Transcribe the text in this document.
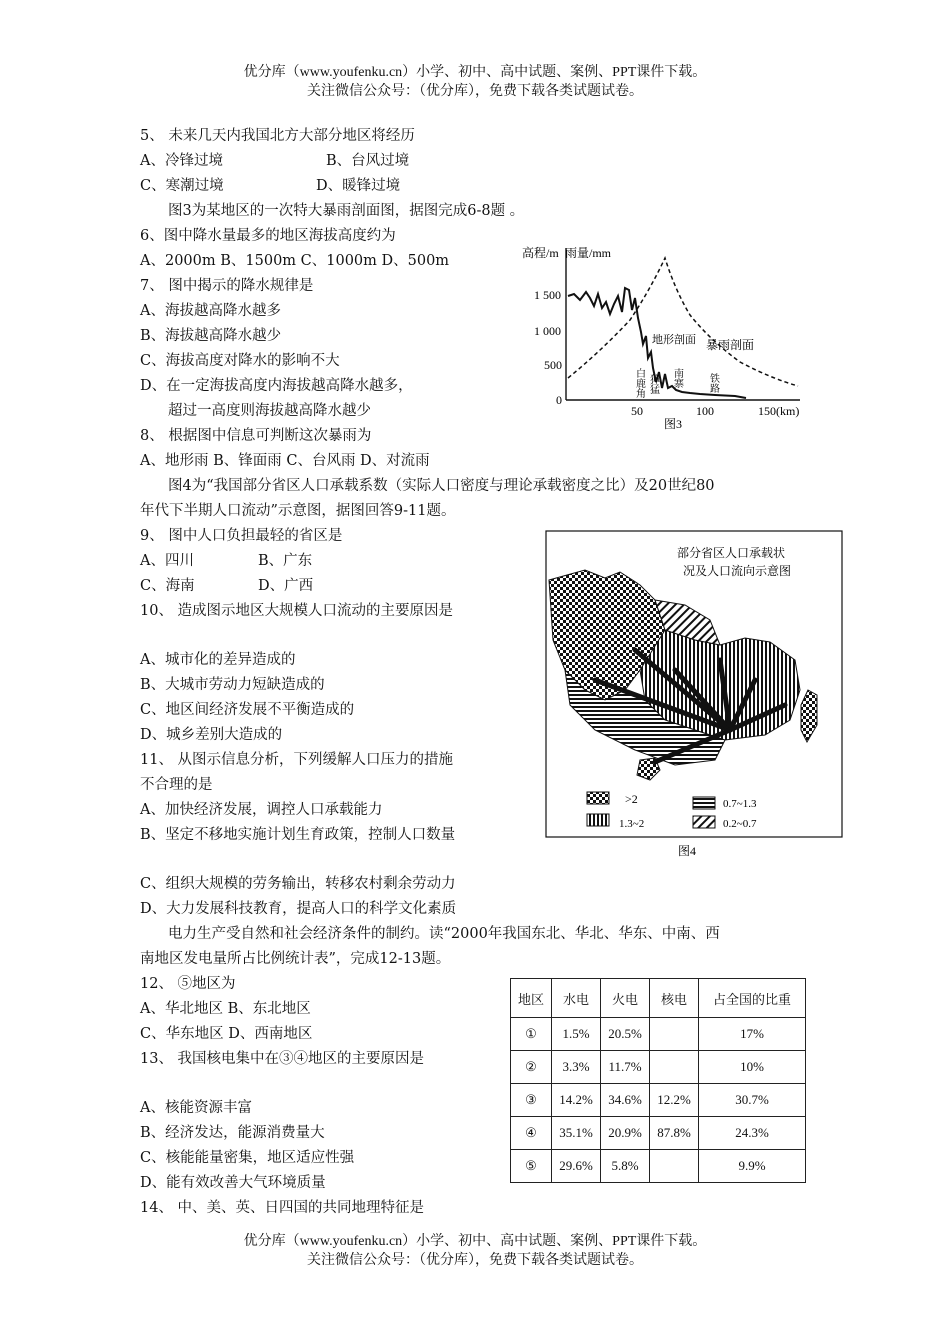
优分库（www.youfenku.cn）小学、初中、高中试题、案例、PPT课件下载。
关注微信公众号：（优分库），免费下载各类试题试卷。
5、 未来几天内我国北方大部分地区将经历
A、冷锋过境	B、台风过境
C、寒潮过境	D、暖锋过境
图3为某地区的一次特大暴雨剖面图，据图完成6-8题 。
6、图中降水量最多的地区海拔高度约为
A、2000m B、1500m C、1000m D、500m
7、 图中揭示的降水规律是
A、海拔越高降水越多
B、海拔越高降水越少
C、海拔高度对降水的影响不大
D、在一定海拔高度内海拔越高降水越多，
超过一高度则海拔越高降水越少
8、 根据图中信息可判断这次暴雨为
A、地形雨 B、锋面雨 C、台风雨 D、对流雨
高程/m 雨量/mm
1 500
1 000
500
0
50	100	150(km)
地形剖面 暴雨剖面
白鹿角 獐猛 南寨	铁路
图3
图4为“我国部分省区人口承载系数（实际人口密度与理论承载密度之比）及20世纪80
年代下半期人口流动”示意图，据图回答9-11题。
9、 图中人口负担最轻的省区是
A、四川	B、广东
C、海南	D、广西
10、 造成图示地区大规模人口流动的主要原因是
A、城市化的差异造成的
B、大城市劳动力短缺造成的
C、地区间经济发展不平衡造成的
D、城乡差别大造成的
11、 从图示信息分析，下列缓解人口压力的措施
不合理的是
A、加快经济发展，调控人口承载能力
B、坚定不移地实施计划生育政策，控制人口数量
C、组织大规模的劳务输出，转移农村剩余劳动力
D、大力发展科技教育，提高人口的科学文化素质
部分省区人口承载状
况及人口流向示意图
>2	0.7~1.3
1.3~2	0.2~0.7
图4
电力生产受自然和社会经济条件的制约。读“2000年我国东北、华北、华东、中南、西
南地区发电量所占比例统计表”，完成12-13题。
12、 ⑤地区为
A、华北地区 B、东北地区
C、华东地区 D、西南地区
13、 我国核电集中在③④地区的主要原因是
A、核能资源丰富
B、经济发达，能源消费量大
C、核能能量密集，地区适应性强
D、能有效改善大气环境质量
14、 中、美、英、日四国的共同地理特征是
地区	水电	火电	核电	占全国的比重
①	1.5%	20.5%		17%
②	3.3%	11.7%		10%
③	14.2%	34.6%	12.2%	30.7%
④	35.1%	20.9%	87.8%	24.3%
⑤	29.6%	5.8%		9.9%
优分库（www.youfenku.cn）小学、初中、高中试题、案例、PPT课件下载。
关注微信公众号：（优分库），免费下载各类试题试卷。
